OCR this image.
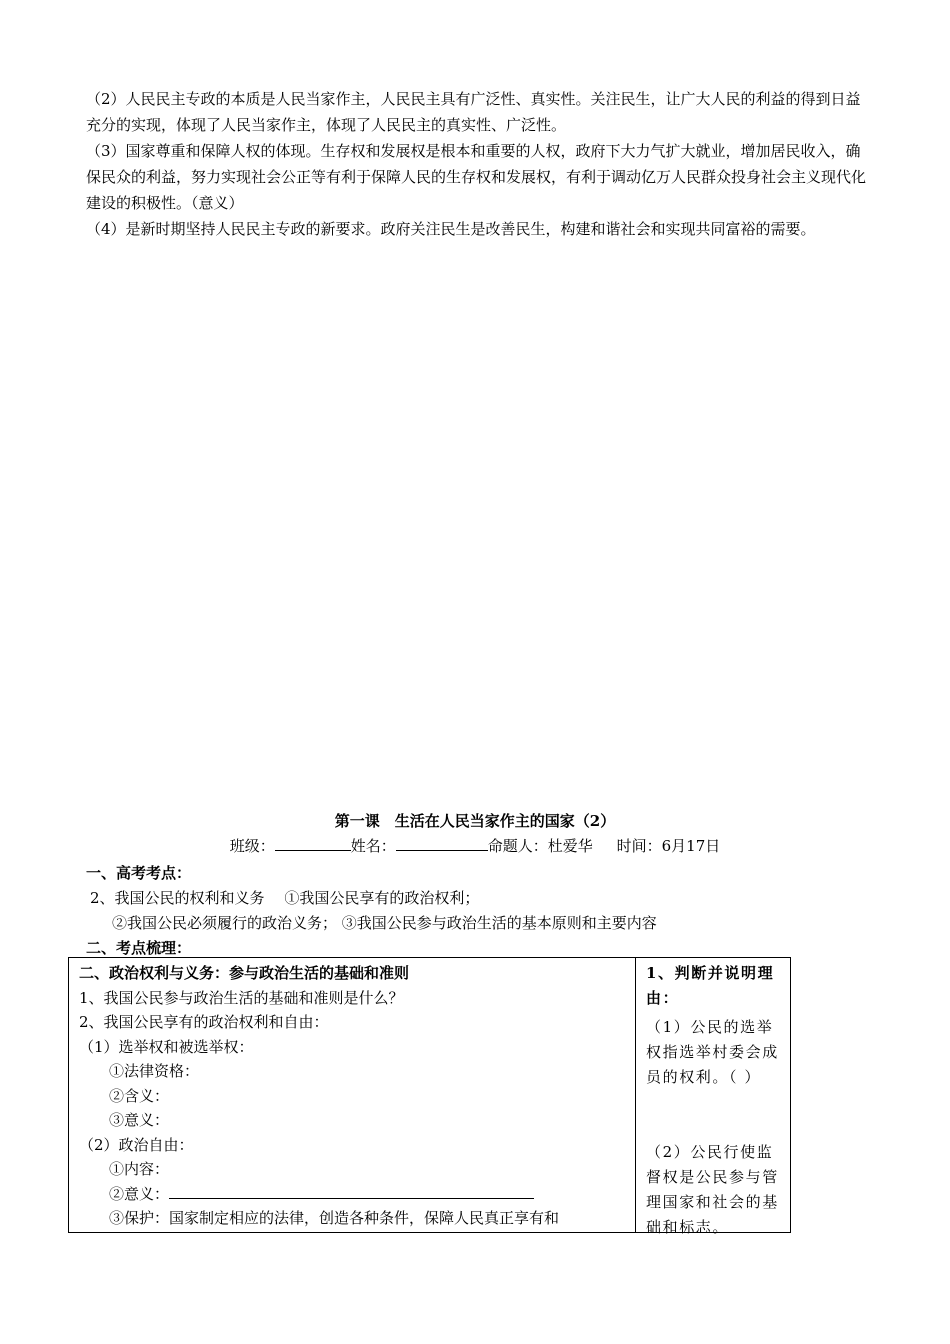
（2）人民民主专政的本质是人民当家作主，人民民主具有广泛性、真实性。关注民生，让广大人民的利益的得到日益充分的实现，体现了人民当家作主，体现了人民民主的真实性、广泛性。

（3）国家尊重和保障人权的体现。生存权和发展权是根本和重要的人权，政府下大力气扩大就业，增加居民收入，确保民众的利益，努力实现社会公正等有利于保障人民的生存权和发展权，有利于调动亿万人民群众投身社会主义现代化建设的积极性。（意义）

（4）是新时期坚持人民民主专政的新要求。政府关注民生是改善民生，构建和谐社会和实现共同富裕的需要。

第一课　生活在人民当家作主的国家（2）
班级：	姓名：	命题人：杜爱华 时间：6月17日
一、高考考点：
2、我国公民的权利和义务　 ①我国公民享有的政治权利；
②我国公民必须履行的政治义务； ③我国公民参与政治生活的基本原则和主要内容
二、考点梳理：
二、政治权利与义务：参与政治生活的基础和准则
1、我国公民参与政治生活的基础和准则是什么？
2、我国公民享有的政治权利和自由：
（1）选举权和被选举权：
①法律资格：
②含义：
③意义：
（2）政治自由：
①内容：
②意义：
③保护：国家制定相应的法律，创造各种条件，保障人民真正享有和

1、判断并说明理由：
（1）公民的选举权指选举村委会成员的权利。（ ）
（2）公民行使监督权是公民参与管理国家和社会的基础和标志。
